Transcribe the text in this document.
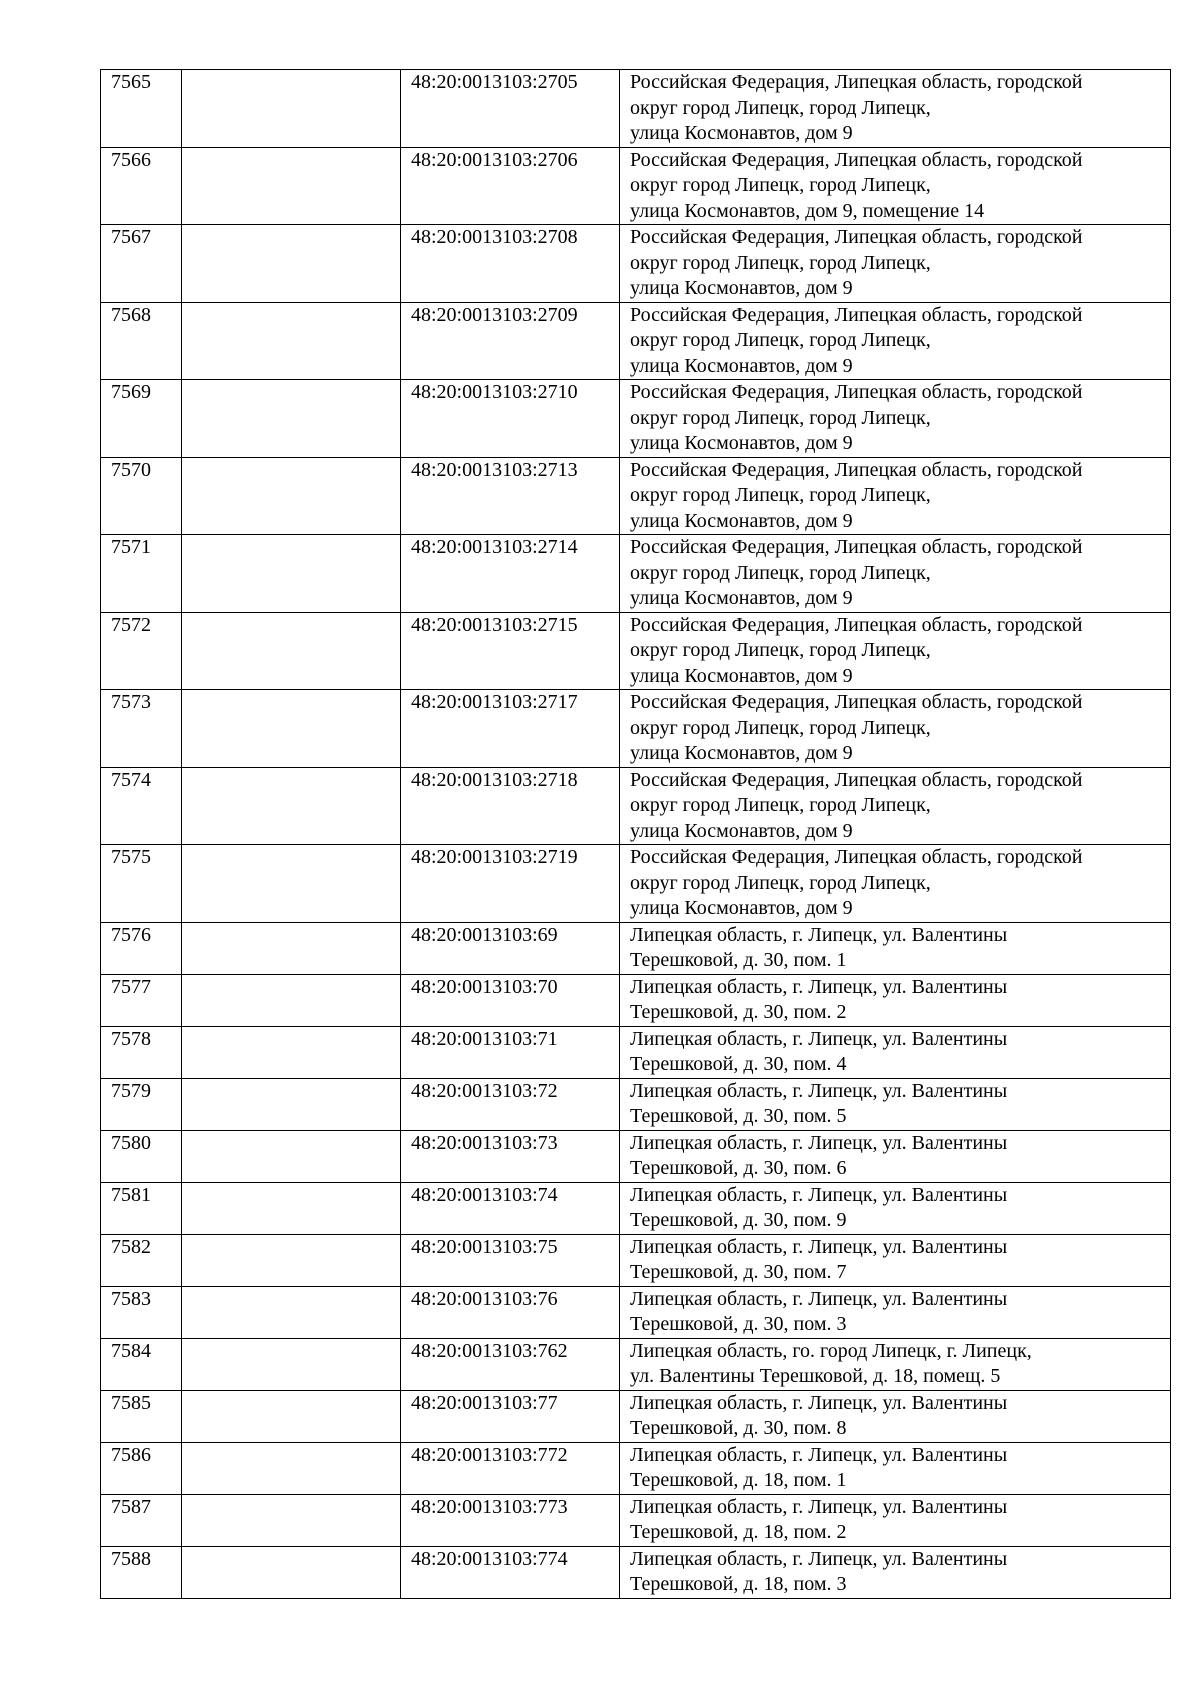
7565		48:20:0013103:2705	Российская Федерация, Липецкая область, городской
округ город Липецк, город Липецк,
улица Космонавтов, дом 9

7566		48:20:0013103:2706	Российская Федерация, Липецкая область, городской
округ город Липецк, город Липецк,
улица Космонавтов, дом 9, помещение 14

7567		48:20:0013103:2708	Российская Федерация, Липецкая область, городской
округ город Липецк, город Липецк,
улица Космонавтов, дом 9

7568		48:20:0013103:2709	Российская Федерация, Липецкая область, городской
округ город Липецк, город Липецк,
улица Космонавтов, дом 9

7569		48:20:0013103:2710	Российская Федерация, Липецкая область, городской
округ город Липецк, город Липецк,
улица Космонавтов, дом 9

7570		48:20:0013103:2713	Российская Федерация, Липецкая область, городской
округ город Липецк, город Липецк,
улица Космонавтов, дом 9

7571		48:20:0013103:2714	Российская Федерация, Липецкая область, городской
округ город Липецк, город Липецк,
улица Космонавтов, дом 9

7572		48:20:0013103:2715	Российская Федерация, Липецкая область, городской
округ город Липецк, город Липецк,
улица Космонавтов, дом 9

7573		48:20:0013103:2717	Российская Федерация, Липецкая область, городской
округ город Липецк, город Липецк,
улица Космонавтов, дом 9

7574		48:20:0013103:2718	Российская Федерация, Липецкая область, городской
округ город Липецк, город Липецк,
улица Космонавтов, дом 9

7575		48:20:0013103:2719	Российская Федерация, Липецкая область, городской
округ город Липецк, город Липецк,
улица Космонавтов, дом 9

7576		48:20:0013103:69	Липецкая область, г. Липецк, ул. Валентины
Терешковой, д. 30, пом. 1

7577		48:20:0013103:70	Липецкая область, г. Липецк, ул. Валентины
Терешковой, д. 30, пом. 2

7578		48:20:0013103:71	Липецкая область, г. Липецк, ул. Валентины
Терешковой, д. 30, пом. 4

7579		48:20:0013103:72	Липецкая область, г. Липецк, ул. Валентины
Терешковой, д. 30, пом. 5

7580		48:20:0013103:73	Липецкая область, г. Липецк, ул. Валентины
Терешковой, д. 30, пом. 6

7581		48:20:0013103:74	Липецкая область, г. Липецк, ул. Валентины
Терешковой, д. 30, пом. 9

7582		48:20:0013103:75	Липецкая область, г. Липецк, ул. Валентины
Терешковой, д. 30, пом. 7

7583		48:20:0013103:76	Липецкая область, г. Липецк, ул. Валентины
Терешковой, д. 30, пом. 3

7584		48:20:0013103:762	Липецкая область, го. город Липецк, г. Липецк,
ул. Валентины Терешковой, д. 18, помещ. 5

7585		48:20:0013103:77	Липецкая область, г. Липецк, ул. Валентины
Терешковой, д. 30, пом. 8

7586		48:20:0013103:772	Липецкая область, г. Липецк, ул. Валентины
Терешковой, д. 18, пом. 1

7587		48:20:0013103:773	Липецкая область, г. Липецк, ул. Валентины
Терешковой, д. 18, пом. 2

7588		48:20:0013103:774	Липецкая область, г. Липецк, ул. Валентины
Терешковой, д. 18, пом. 3
